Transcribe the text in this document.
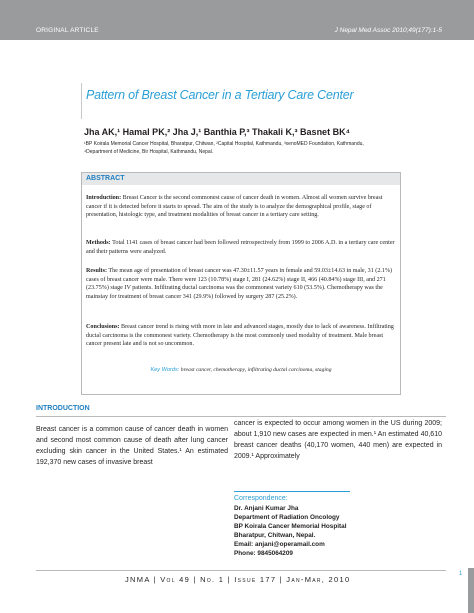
ORIGINAL ARTICLE	J Nepal Med Assoc 2010;49(177):1-5
Pattern of Breast Cancer in a Tertiary Care Center
Jha AK,¹ Hamal PK,² Jha J,¹ Banthia P,³ Thakali K,³ Basnet BK⁴
¹BP Koirala Memorial Cancer Hospital, Bharatpur, Chitwan, ²Capital Hospital, Kathmandu, ³xenoMED Foundation, Kathmandu,
⁴Department of Medicine, Bir Hospital, Kathmandu, Nepal.
ABSTRACT
Introduction: Breast Cancer is the second commonest cause of cancer death in women. Almost all women survive breast cancer if it is detected before it starts to spread. The aim of the study is to analyze the demographical profile, stage of presentation, histologic type, and treatment modalities of breast cancer in a tertiary care setting.
Methods: Total 1141 cases of breast cancer had been followed retrospectively from 1999 to 2006 A.D. in a tertiary care center and their patterns were analyzed.
Results: The mean age of presentation of breast cancer was 47.30±11.57 years in female and 59.03±14.63 in male, 31 (2.1%) cases of breast cancer were male. There were 123 (10.78%) stage I, 281 (24.62%) stage II, 466 (40.84%) stage III, and 271 (23.75%) stage IV patients. Infiltrating ductal carcinoma was the commonest variety 610 (53.5%). Chemotherapy was the mainstay for treatment of breast cancer 341 (29.9%) followed by surgery 287 (25.2%).
Conclusions: Breast cancer trend is rising with more in late and advanced stages, mostly due to lack of awareness. Infiltrating ductal carcinoma is the commonest variety. Chemotherapy is the most commonly used modality of treatment. Male breast cancer present late and is not so uncommon.
Key Words: breast cancer, chemotherapy, infiltrating ductal carcinoma, staging
INTRODUCTION
Breast cancer is a common cause of cancer death in women and second most common cause of death after lung cancer excluding skin cancer in the United States.¹ An estimated 192,370 new cases of invasive breast
cancer is expected to occur among women in the US during 2009; about 1,910 new cases are expected in men.¹ An estimated 40,610 breast cancer deaths (40,170 women, 440 men) are expected in 2009.¹ Approximately
Correspondence:
Dr. Anjani Kumar Jha
Department of Radiation Oncology
BP Koirala Cancer Memorial Hospital
Bharatpur, Chitwan, Nepal.
Email: anjani@operamail.com
Phone: 9845064209
JNMA | Vol 49 | No. 1 | Issue 177 | Jan-Mar, 2010
1
